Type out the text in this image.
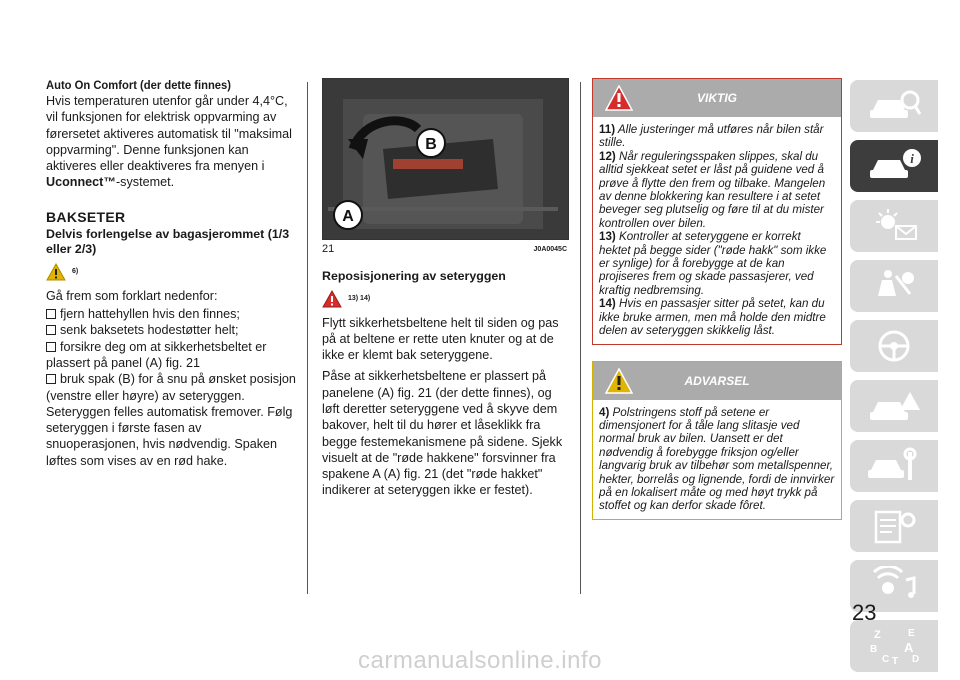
Auto On Comfort (der dette finnes)

Hvis temperaturen utenfor går under 4,4°C, vil funksjonen for elektrisk oppvarming av førersetet aktiveres automatisk til "maksimal oppvarming". Denne funksjonen kan aktiveres eller deaktiveres fra menyen i Uconnect™-systemet.

BAKSETER

Delvis forlengelse av bagasjerommet (1/3 eller 2/3)

6)

Gå frem som forklart nedenfor:

fjern hattehyllen hvis den finnes;

senk baksetets hodestøtter helt;

forsikre deg om at sikkerhetsbeltet er plassert på panel (A) fig. 21

bruk spak (B) for å snu på ønsket posisjon (venstre eller høyre) av seteryggen. Seteryggen felles automatisk fremover. Følg seteryggen i første fasen av snuoperasjonen, hvis nødvendig. Spaken løftes som vises av en rød hake.

B
A
21	J0A0045C

Reposisjonering av seteryggen

13) 14)

Flytt sikkerhetsbeltene helt til siden og pas på at beltene er rette uten knuter og at de ikke er klemt bak seteryggene.

Påse at sikkerhetsbeltene er plassert på panelene (A) fig. 21 (der dette finnes), og løft deretter seteryggene ved å skyve dem bakover, helt til du hører et låseklikk fra begge festemekanismene på sidene. Sjekk visuelt at de "røde hakkene" forsvinner fra spakene A (A) fig. 21 (det "røde hakket" indikerer at seteryggen ikke er festet).

VIKTIG

11) Alle justeringer må utføres når bilen står stille.

12) Når reguleringsspaken slippes, skal du alltid sjekkeat setet er låst på guidene ved å prøve å flytte den frem og tilbake. Mangelen av denne blokkering kan resultere i at setet beveger seg plutselig og føre til at du mister kontrollen over bilen.

13) Kontroller at seteryggene er korrekt hektet på begge sider ("røde hakk" som ikke er synlige) for å forebygge at de kan projiseres frem og skade passasjerer, ved kraftig nedbremsing.

14) Hvis en passasjer sitter på setet, kan du ikke bruke armen, men må holde den midtre delen av seteryggen skikkelig låst.

ADVARSEL

4) Polstringens stoff på setene er dimensjonert for å tåle lang slitasje ved normal bruk av bilen. Uansett er det nødvendig å forebygge friksjon og/eller langvarig bruk av tilbehør som metallspenner, hekter, borrelås og lignende, fordi de innvirker på en lokalisert måte og med høyt trykk på stoffet og kan derfor skade fôret.

i
Z	E
B A
C D
T
23
carmanualsonline.info
